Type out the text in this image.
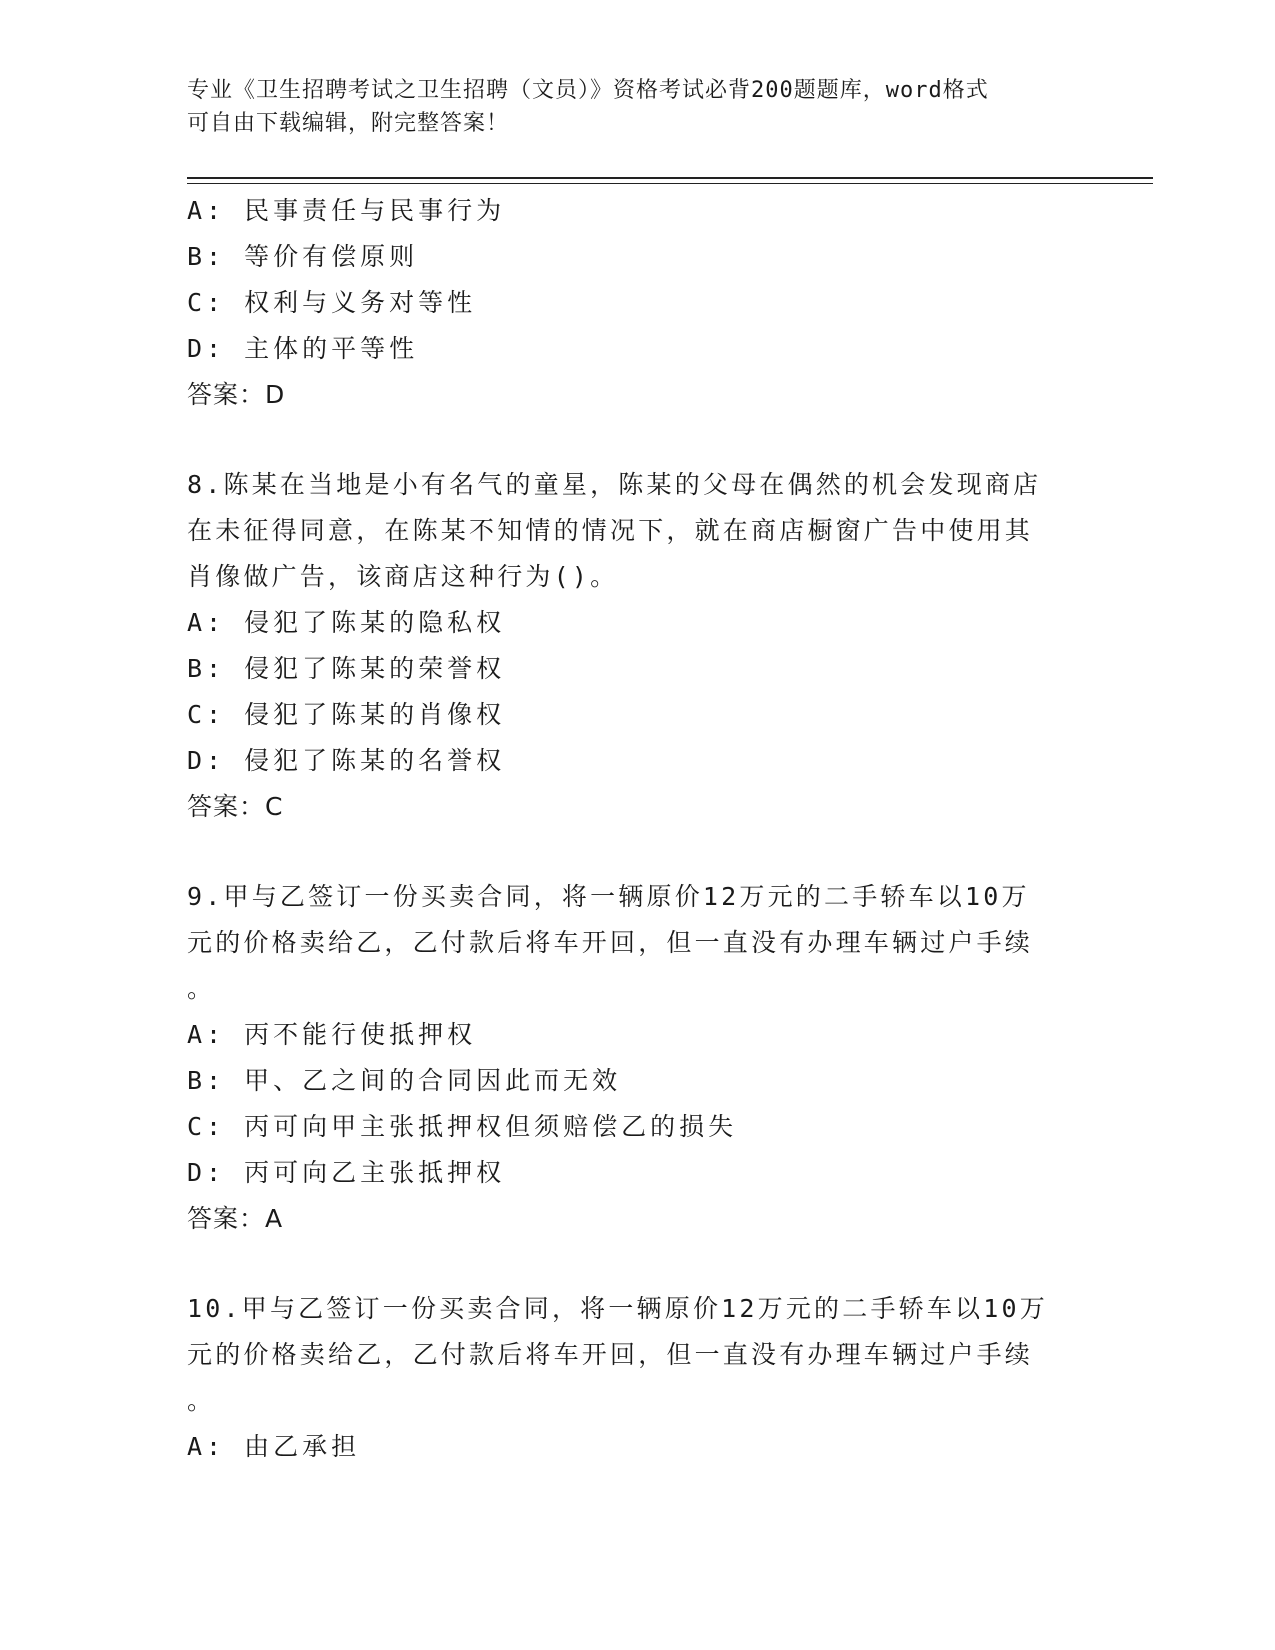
专业《卫生招聘考试之卫生招聘（文员）》资格考试必背200题题库，word格式
可自由下载编辑，附完整答案！
A: 民事责任与民事行为
B: 等价有偿原则
C: 权利与义务对等性
D: 主体的平等性
答案：D
8.陈某在当地是小有名气的童星，陈某的父母在偶然的机会发现商店
在未征得同意，在陈某不知情的情况下，就在商店橱窗广告中使用其
肖像做广告，该商店这种行为()。
A: 侵犯了陈某的隐私权
B: 侵犯了陈某的荣誉权
C: 侵犯了陈某的肖像权
D: 侵犯了陈某的名誉权
答案：C
9.甲与乙签订一份买卖合同，将一辆原价12万元的二手轿车以10万
元的价格卖给乙，乙付款后将车开回，但一直没有办理车辆过户手续
。
A: 丙不能行使抵押权
B: 甲、乙之间的合同因此而无效
C: 丙可向甲主张抵押权但须赔偿乙的损失
D: 丙可向乙主张抵押权
答案：A
10.甲与乙签订一份买卖合同，将一辆原价12万元的二手轿车以10万
元的价格卖给乙，乙付款后将车开回，但一直没有办理车辆过户手续
。
A: 由乙承担
